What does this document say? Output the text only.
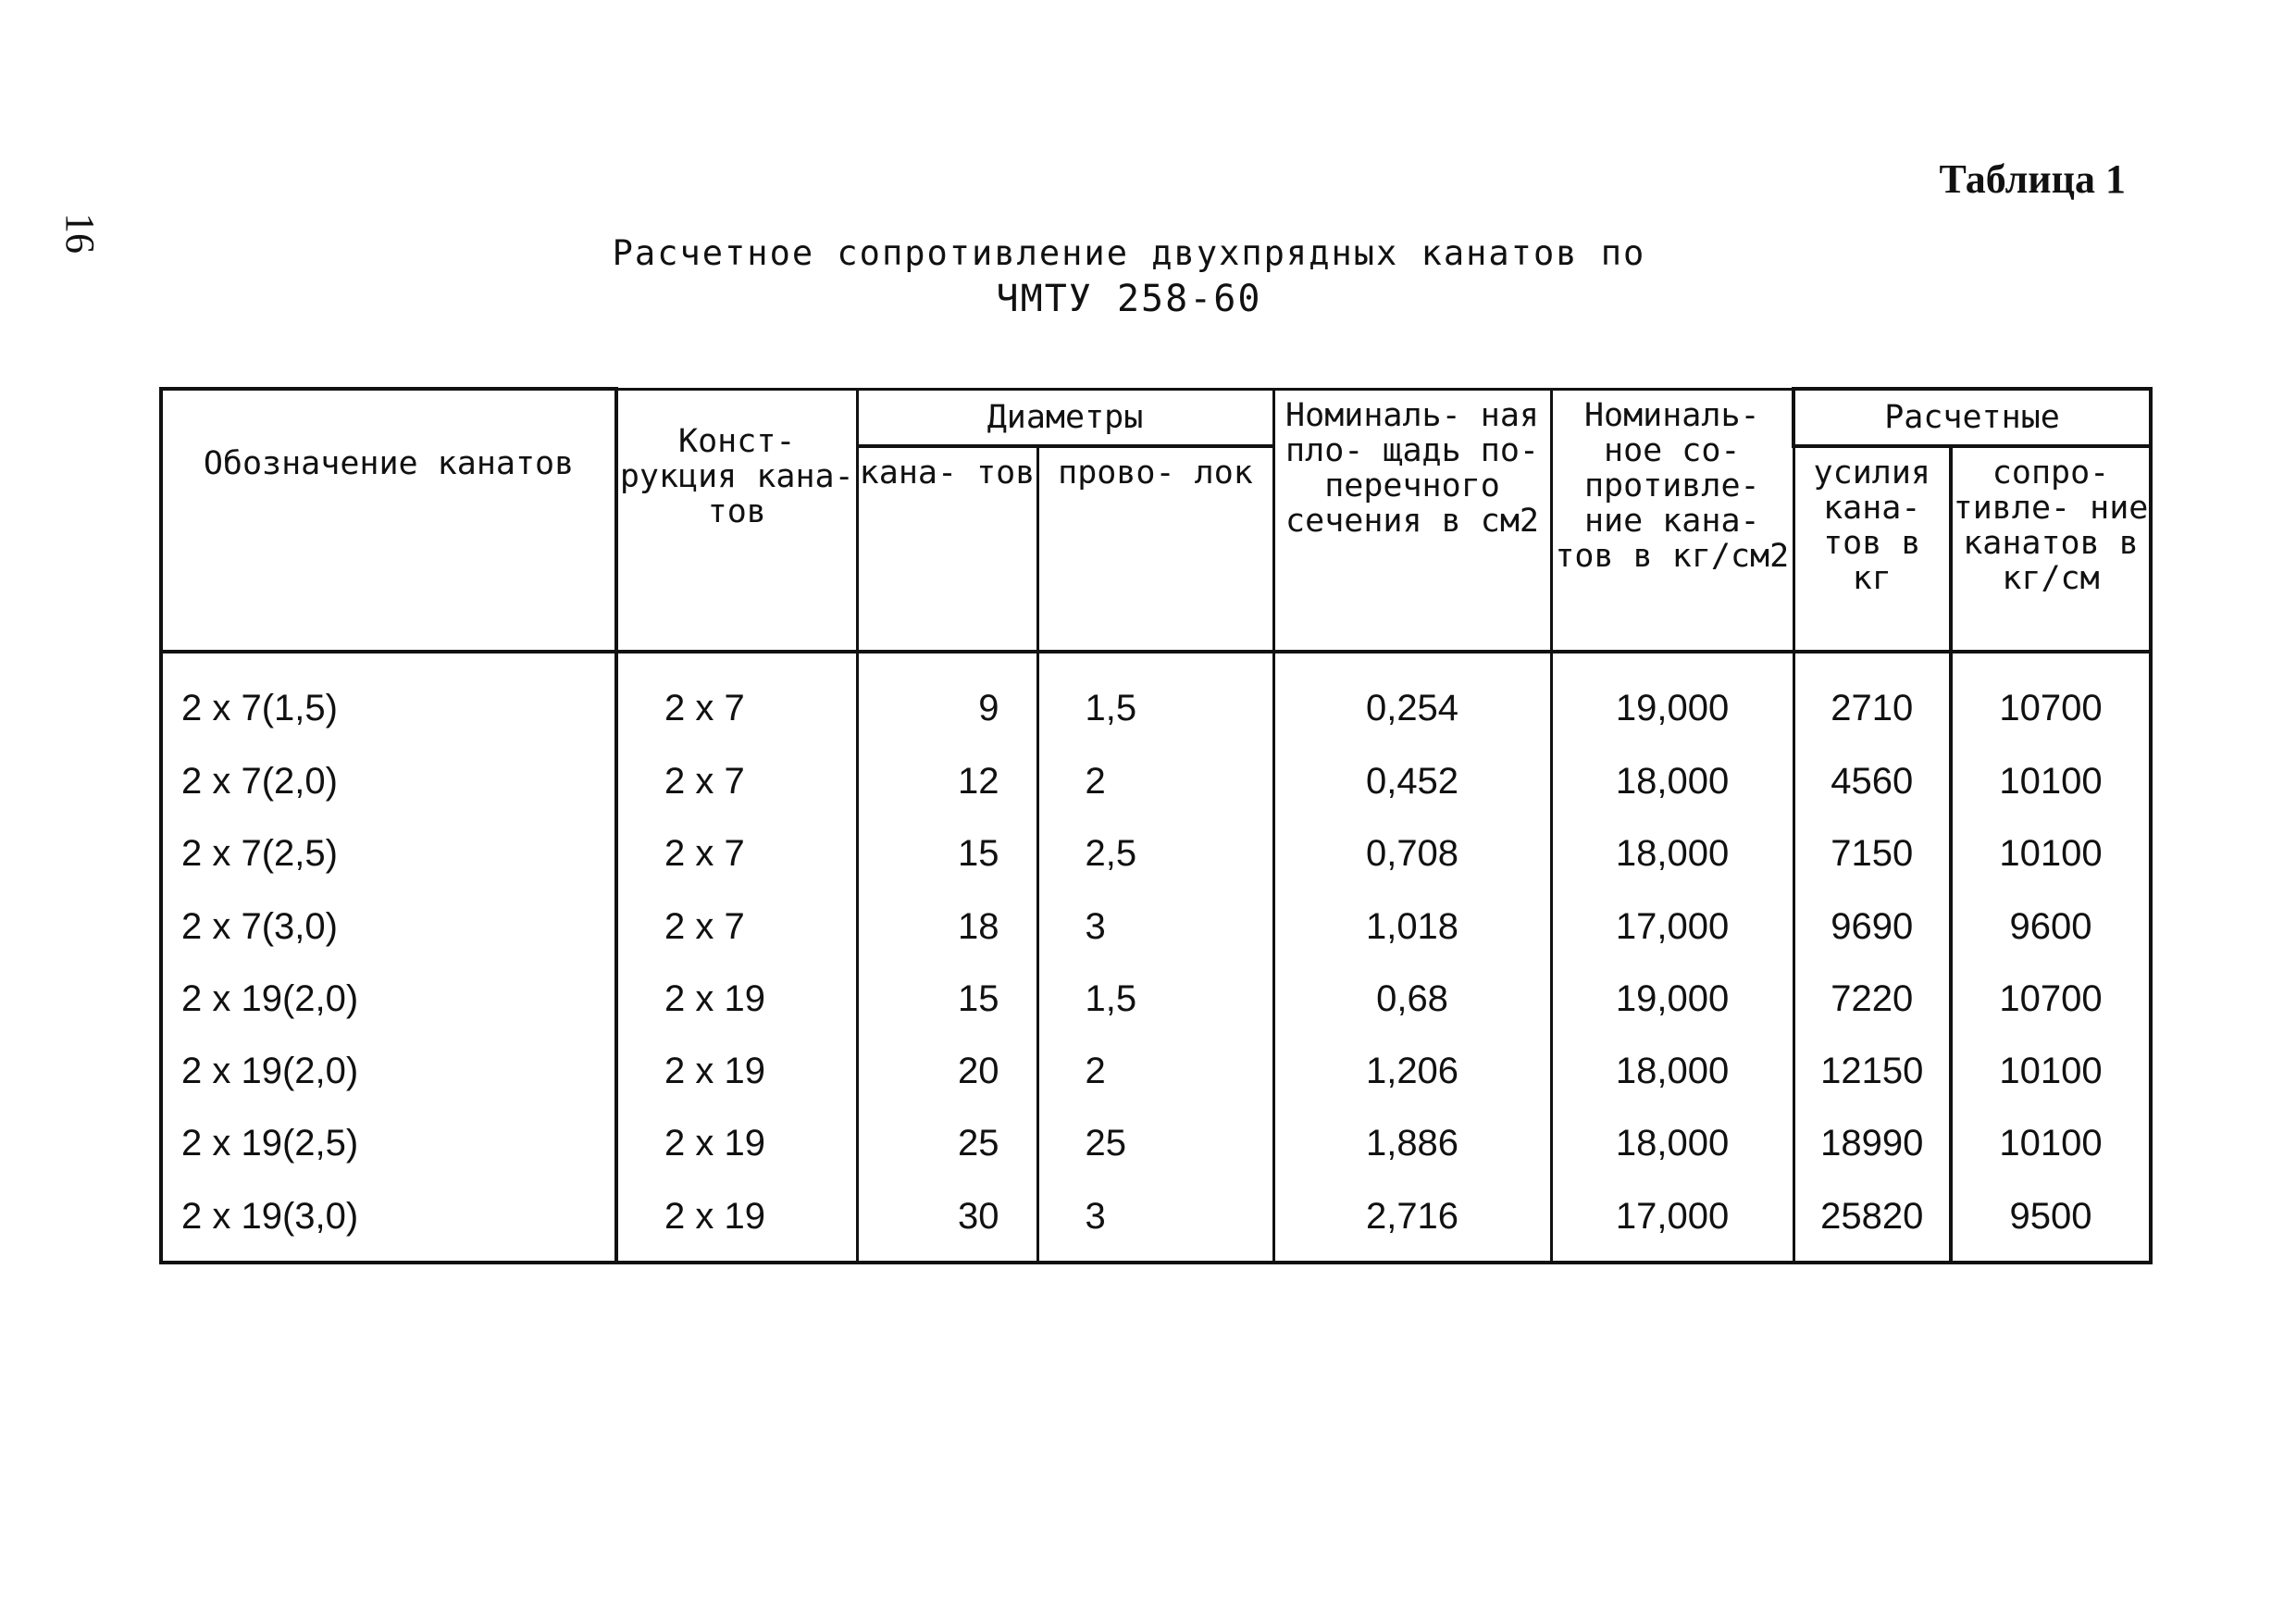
16
Таблица 1
Расчетное сопротивление двухпрядных канатов по
ЧМТУ 258-60
Обозначение канатов	Конст- рукция кана- тов	Диаметры		Номиналь- ная пло- щадь по- перечного сечения в см2	Номиналь- ное со- противле- ние кана- тов в кг/см2	Расчетные	
		кана- тов	прово- лок			усилия кана- тов в кг	сопро- тивле- ние канатов в кг/см
2 x 7(1,5)	2 x 7	9	1,5	0,254	19,000	2710	10700
2 x 7(2,0)	2 x 7	12	2	0,452	18,000	4560	10100
2 x 7(2,5)	2 x 7	15	2,5	0,708	18,000	7150	10100
2 x 7(3,0)	2 x 7	18	3	1,018	17,000	9690	9600
2 x 19(2,0)	2 x 19	15	1,5	0,68	19,000	7220	10700
2 x 19(2,0)	2 x 19	20	2	1,206	18,000	12150	10100
2 x 19(2,5)	2 x 19	25	25	1,886	18,000	18990	10100
2 x 19(3,0)	2 x 19	30	3	2,716	17,000	25820	9500
